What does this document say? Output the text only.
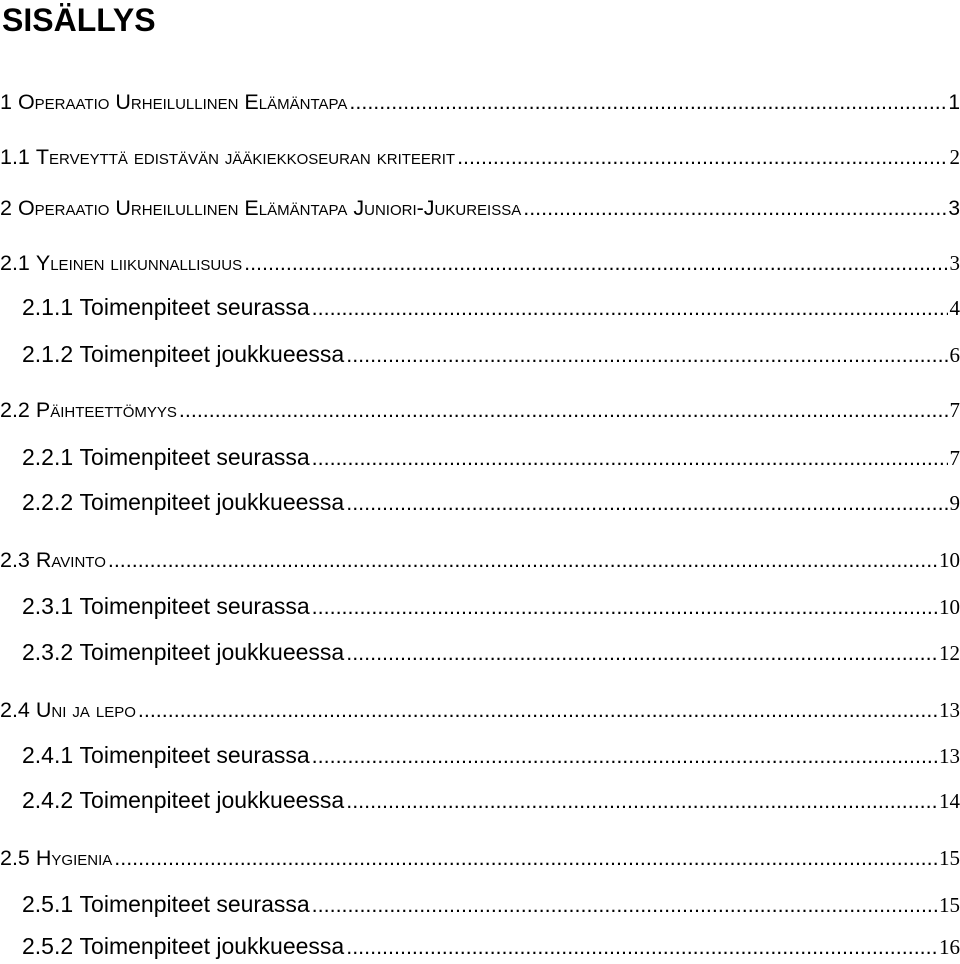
SISÄLLYS
1
Operaatio Urheilullinen Elämäntapa .....	1
1.1
Terveyttä edistävän jääkiekkoseuran kriteerit .....	2
2
Operaatio Urheilullinen Elämäntapa Juniori-Jukureissa .....	3
2.1
Yleinen liikunnallisuus .....	3
2.1.1
Toimenpiteet seurassa .....	4
2.1.2
Toimenpiteet joukkueessa .....	6
2.2
Päihteettömyys .....	7
2.2.1
Toimenpiteet seurassa .....	7
2.2.2
Toimenpiteet joukkueessa .....	9
2.3
Ravinto .....	10
2.3.1
Toimenpiteet seurassa .....	10
2.3.2
Toimenpiteet joukkueessa .....	12
2.4
Uni ja lepo .....	13
2.4.1
Toimenpiteet seurassa .....	13
2.4.2
Toimenpiteet joukkueessa .....	14
2.5
Hygienia .....	15
2.5.1
Toimenpiteet seurassa .....	15
2.5.2
Toimenpiteet joukkueessa .....	16
